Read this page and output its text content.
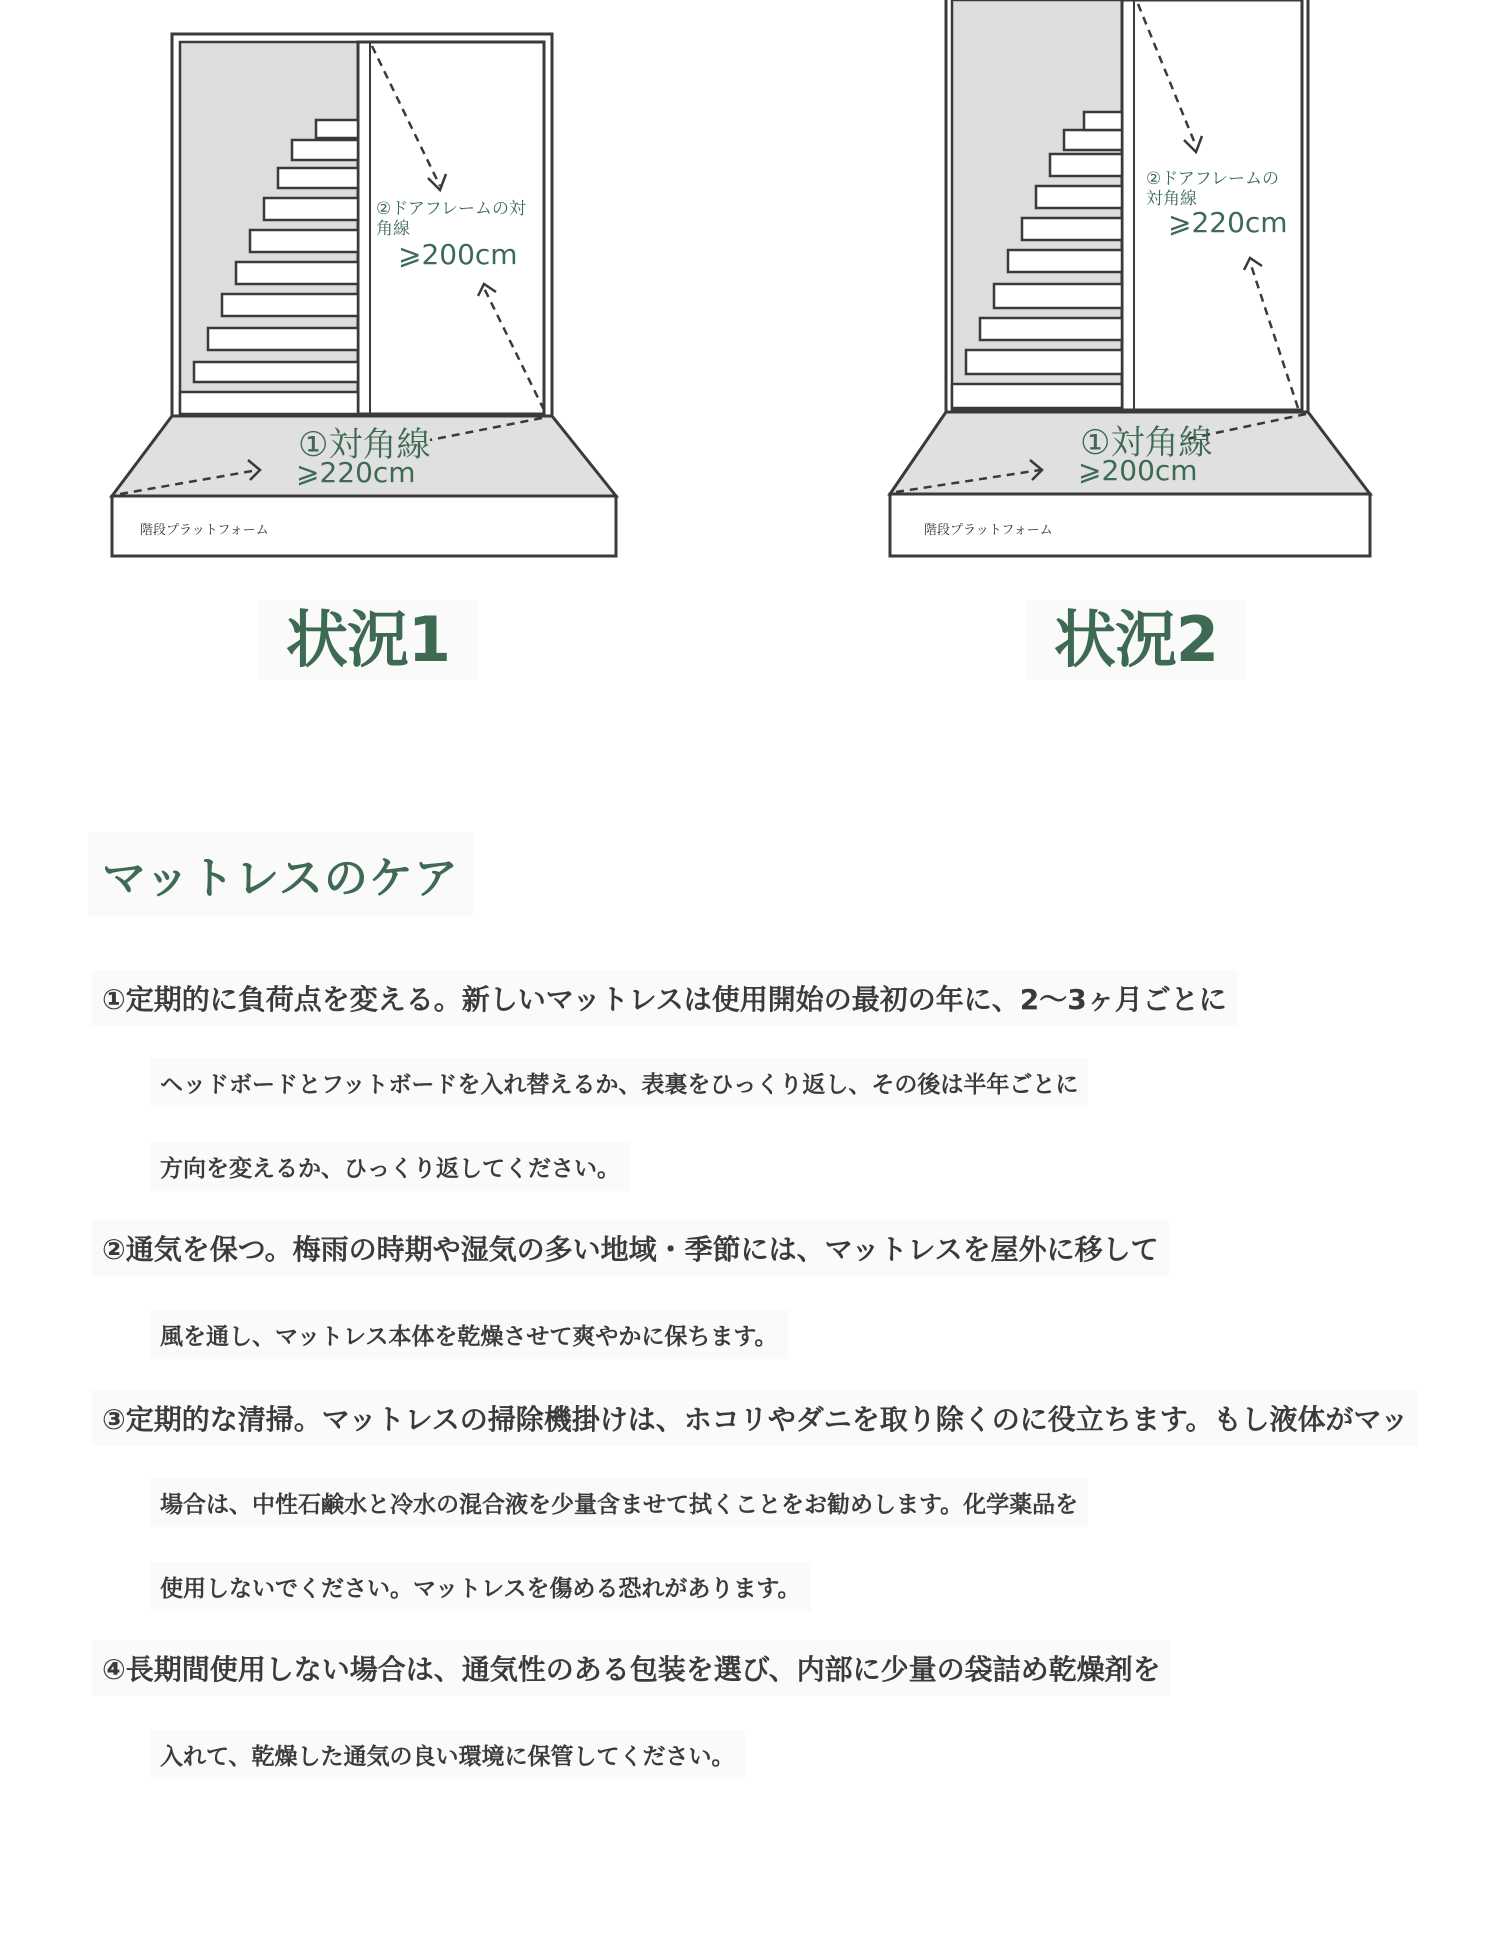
②ドアフレームの対
角線
⩾200cm
①対角線
⩾220cm
階段プラットフォーム
状況1
②ドアフレームの
対角線
⩾220cm
①対角線
⩾200cm
階段プラットフォーム
状況2
マットレスのケア
①定期的に負荷点を変える。新しいマットレスは使用開始の最初の年に、2〜3ヶ月ごとに
ヘッドボードとフットボードを入れ替えるか、表裏をひっくり返し、その後は半年ごとに
方向を変えるか、ひっくり返してください。
②通気を保つ。梅雨の時期や湿気の多い地域・季節には、マットレスを屋外に移して
風を通し、マットレス本体を乾燥させて爽やかに保ちます。
③定期的な清掃。マットレスの掃除機掛けは、ホコリやダニを取り除くのに役立ちます。もし液体がマッ
場合は、中性石鹸水と冷水の混合液を少量含ませて拭くことをお勧めします。化学薬品を
使用しないでください。マットレスを傷める恐れがあります。
④長期間使用しない場合は、通気性のある包装を選び、内部に少量の袋詰め乾燥剤を
入れて、乾燥した通気の良い環境に保管してください。
